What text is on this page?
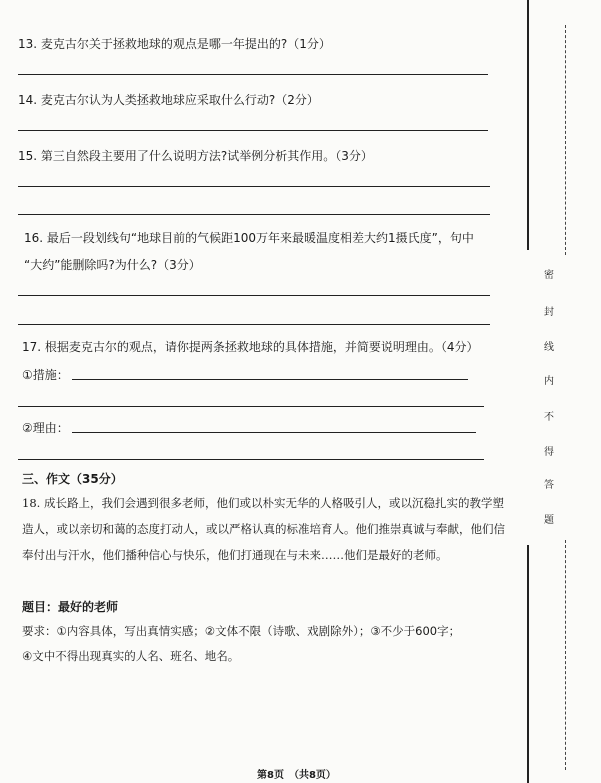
13. 麦克古尔关于拯救地球的观点是哪一年提出的?（1分）
14. 麦克古尔认为人类拯救地球应采取什么行动?（2分）
15. 第三自然段主要用了什么说明方法?试举例分析其作用。（3分）
16. 最后一段划线句“地球目前的气候距100万年来最暖温度相差大约1摄氏度”，句中
“大约”能删除吗?为什么?（3分）
17. 根据麦克古尔的观点，请你提两条拯救地球的具体措施，并简要说明理由。（4分）
①措施：
②理由：
三、作文（35分）
18. 成长路上，我们会遇到很多老师，他们或以朴实无华的人格吸引人，或以沉稳扎实的教学塑造人，或以亲切和蔼的态度打动人，或以严格认真的标准培育人。他们推崇真诚与奉献，他们信奉付出与汗水，他们播种信心与快乐，他们打通现在与未来……他们是最好的老师。
题目：最好的老师
要求：①内容具体，写出真情实感；②文体不限（诗歌、戏剧除外）；③不少于600字；
④文中不得出现真实的人名、班名、地名。
第8页　（共8页）
密
封
线
内
不
得
答
题
